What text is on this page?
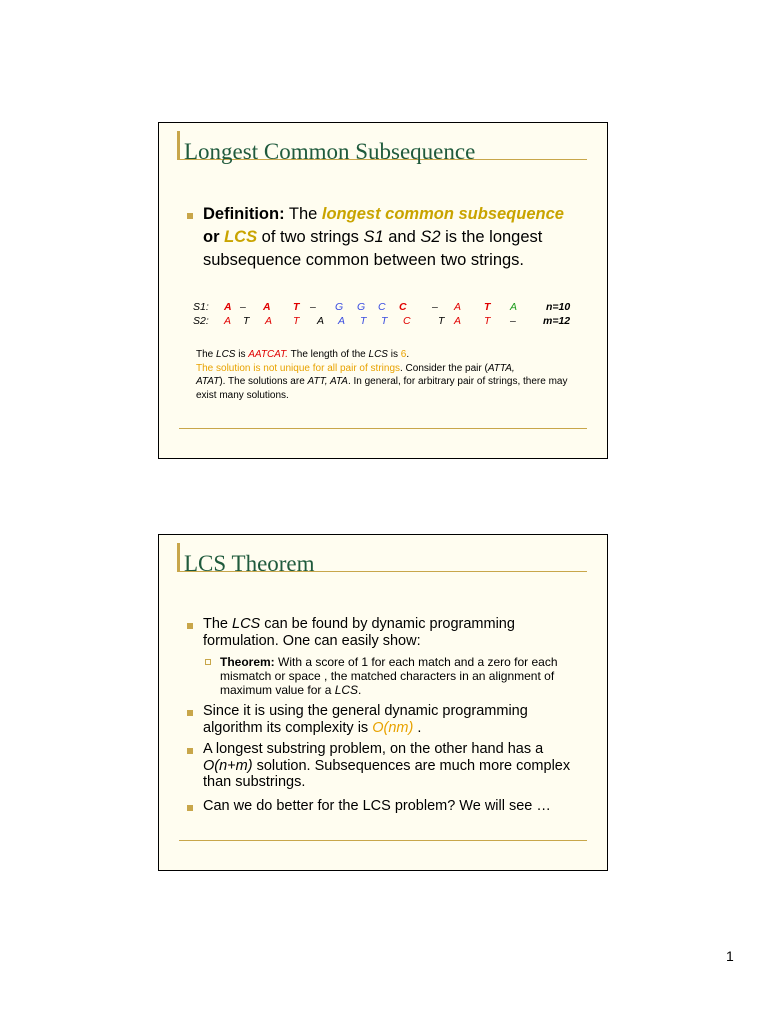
Longest Common Subsequence
Definition: The longest common subsequence or LCS of two strings S1 and S2 is the longest subsequence common between two strings.
S1: A – A T – G G C C – A T A	n=10
S2: A T A T A A T T C	T A T –	m=12

The LCS is AATCAT. The length of the LCS is 6.
The solution is not unique for all pair of strings. Consider the pair (ATTA,
ATAT). The solutions are ATT, ATA. In general, for arbitrary pair of strings, there may exist many solutions.

LCS Theorem
The LCS can be found by dynamic programming formulation. One can easily show:
Theorem: With a score of 1 for each match and a zero for each mismatch or space , the matched characters in an alignment of maximum value for a LCS.
Since it is using the general dynamic programming algorithm its complexity is O(nm) .
A longest substring problem, on the other hand has a O(n+m) solution. Subsequences are much more complex than substrings.
Can we do better for the LCS problem? We will see …
1
